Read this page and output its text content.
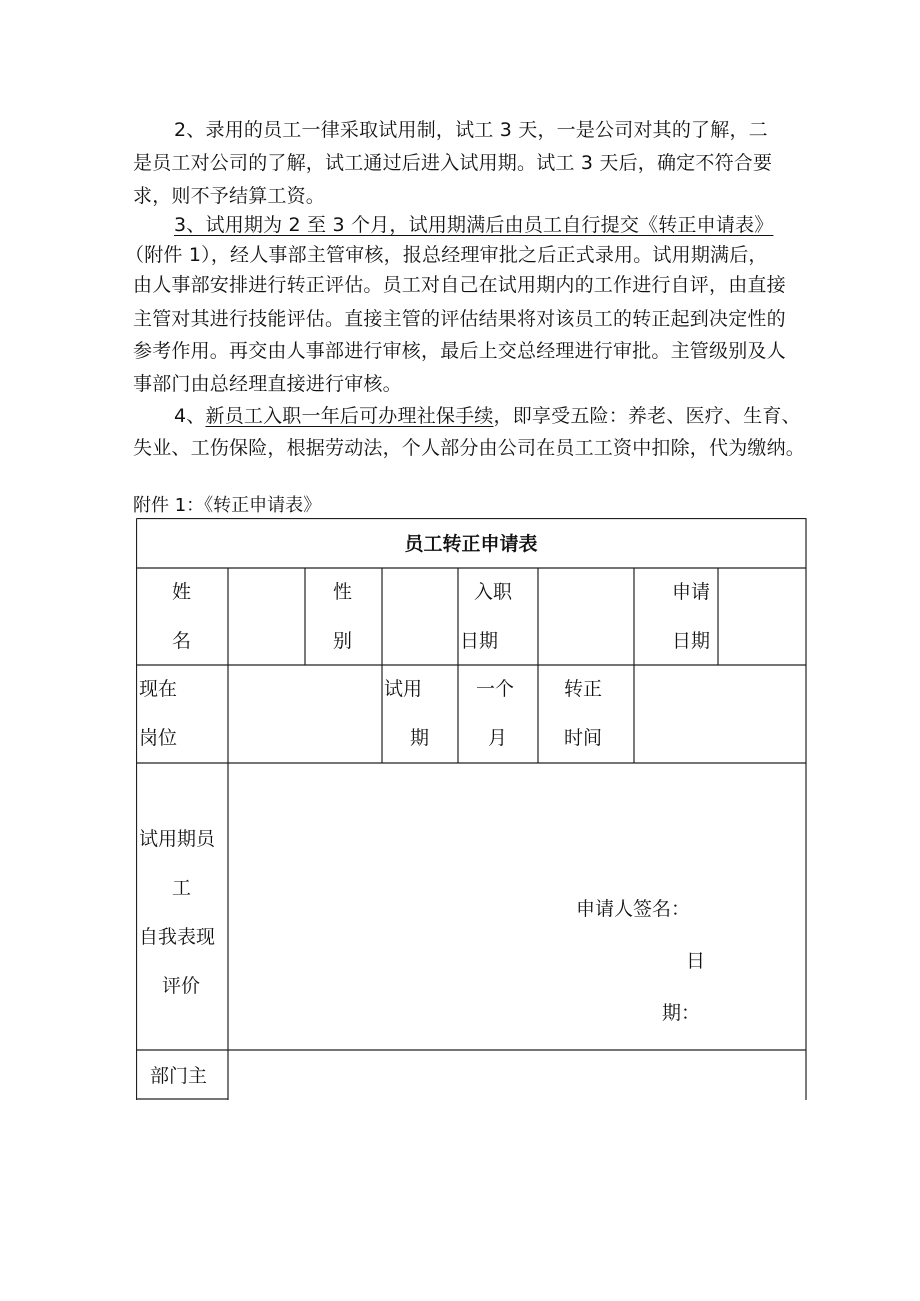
2、录用的员工一律采取试用制，试工 3 天，一是公司对其的了解，二
是员工对公司的了解，试工通过后进入试用期。试工 3 天后，确定不符合要
求，则不予结算工资。
3、试用期为 2 至 3 个月，试用期满后由员工自行提交《转正申请表》
（附件 1），经人事部主管审核，报总经理审批之后正式录用。试用期满后，
由人事部安排进行转正评估。员工对自己在试用期内的工作进行自评，由直接
主管对其进行技能评估。直接主管的评估结果将对该员工的转正起到决定性的
参考作用。再交由人事部进行审核，最后上交总经理进行审批。主管级别及人
事部门由总经理直接进行审核。
4、新员工入职一年后可办理社保手续，即享受五险：养老、医疗、生育、
失业、工伤保险，根据劳动法，个人部分由公司在员工工资中扣除，代为缴纳。
附件 1：《转正申请表》
员工转正申请表
姓
名
性
别
入职
日期
申请
日期
现在
岗位
试用
期
一个
月
转正
时间
试用期员
工
自我表现
评价
申请人签名：
日
期：
部门主
